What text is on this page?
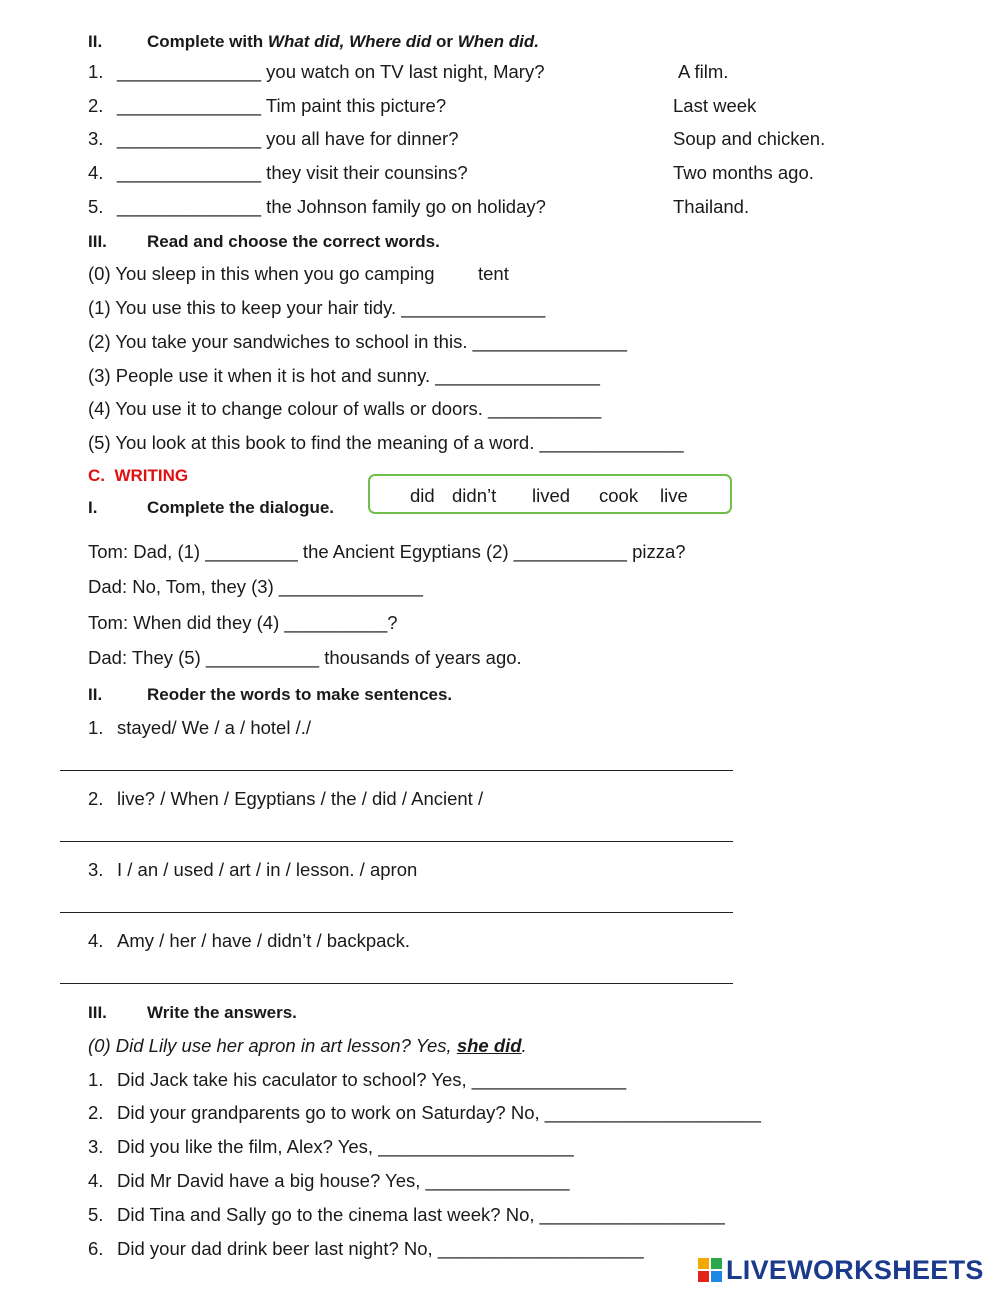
II.	Complete with What did, Where did or When did.
1. ______________ you watch on TV last night, Mary?	A film.
2. ______________ Tim paint this picture?	Last week
3. ______________ you all have for dinner?	Soup and chicken.
4. ______________ they visit their counsins?	Two months ago.
5. ______________ the Johnson family go on holiday?	Thailand.
III. Read and choose the correct words.
(0) You sleep in this when you go camping tent
(1) You use this to keep your hair tidy. ______________
(2) You take your sandwiches to school in this. _______________
(3) People use it when it is hot and sunny. ________________
(4) You use it to change colour of walls or doors. ___________
(5) You look at this book to find the meaning of a word. ______________
C.  WRITING
I.	Complete the dialogue.
did didn’t lived cook live
Tom: Dad, (1) _________ the Ancient Egyptians (2) ___________ pizza?
Dad: No, Tom, they (3) ______________
Tom: When did they (4) __________?
Dad: They (5) ___________ thousands of years ago.
II.	Reoder the words to make sentences.
1. stayed/ We / a / hotel /./
2. live? / When / Egyptians / the / did / Ancient /
3. I / an / used / art / in / lesson. / apron
4. Amy / her / have / didn’t / backpack.
III. Write the answers.
(0) Did Lily use her apron in art lesson? Yes, she did.
1. Did Jack take his caculator to school? Yes, _______________
2. Did your grandparents go to work on Saturday? No, _____________________
3. Did you like the film, Alex? Yes, ___________________
4. Did Mr David have a big house? Yes, ______________
5. Did Tina and Sally go to the cinema last week? No, __________________
6. Did your dad drink beer last night? No, ____________________
LIVEWORKSHEETS
